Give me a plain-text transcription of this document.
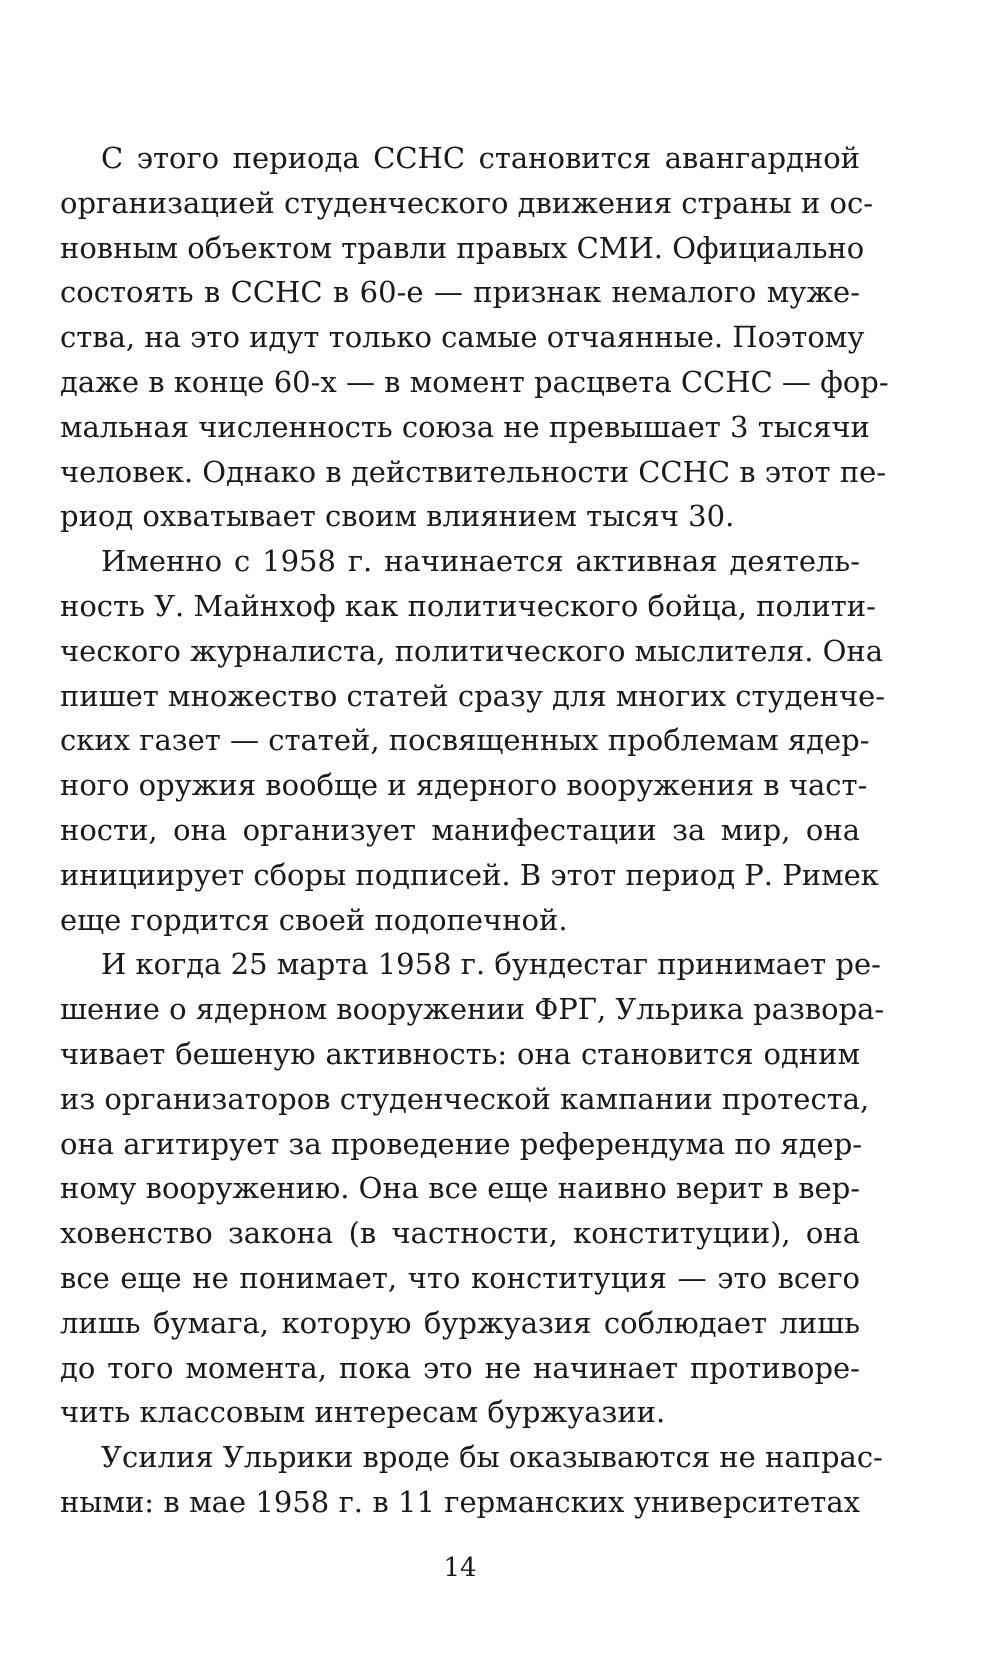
С этого периода ССНС становится авангардной
организацией студенческого движения страны и ос-
новным объектом травли правых СМИ. Официально
состоять в ССНС в 60-е — признак немалого муже-
ства, на это идут только самые отчаянные. Поэтому
даже в конце 60-х — в момент расцвета ССНС — фор-
мальная численность союза не превышает 3 тысячи
человек. Однако в действительности ССНС в этот пе-
риод охватывает своим влиянием тысяч 30.
Именно с 1958 г. начинается активная деятель-
ность У. Майнхоф как политического бойца, полити-
ческого журналиста, политического мыслителя. Она
пишет множество статей сразу для многих студенче-
ских газет — статей, посвященных проблемам ядер-
ного оружия вообще и ядерного вооружения в част-
ности, она организует манифестации за мир, она
инициирует сборы подписей. В этот период Р. Римек
еще гордится своей подопечной.
И когда 25 марта 1958 г. бундестаг принимает ре-
шение о ядерном вооружении ФРГ, Ульрика развора-
чивает бешеную активность: она становится одним
из организаторов студенческой кампании протеста,
она агитирует за проведение референдума по ядер-
ному вооружению. Она все еще наивно верит в вер-
ховенство закона (в частности, конституции), она
все еще не понимает, что конституция — это всего
лишь бумага, которую буржуазия соблюдает лишь
до того момента, пока это не начинает противоре-
чить классовым интересам буржуазии.
Усилия Ульрики вроде бы оказываются не напрас-
ными: в мае 1958 г. в 11 германских университетах
14
